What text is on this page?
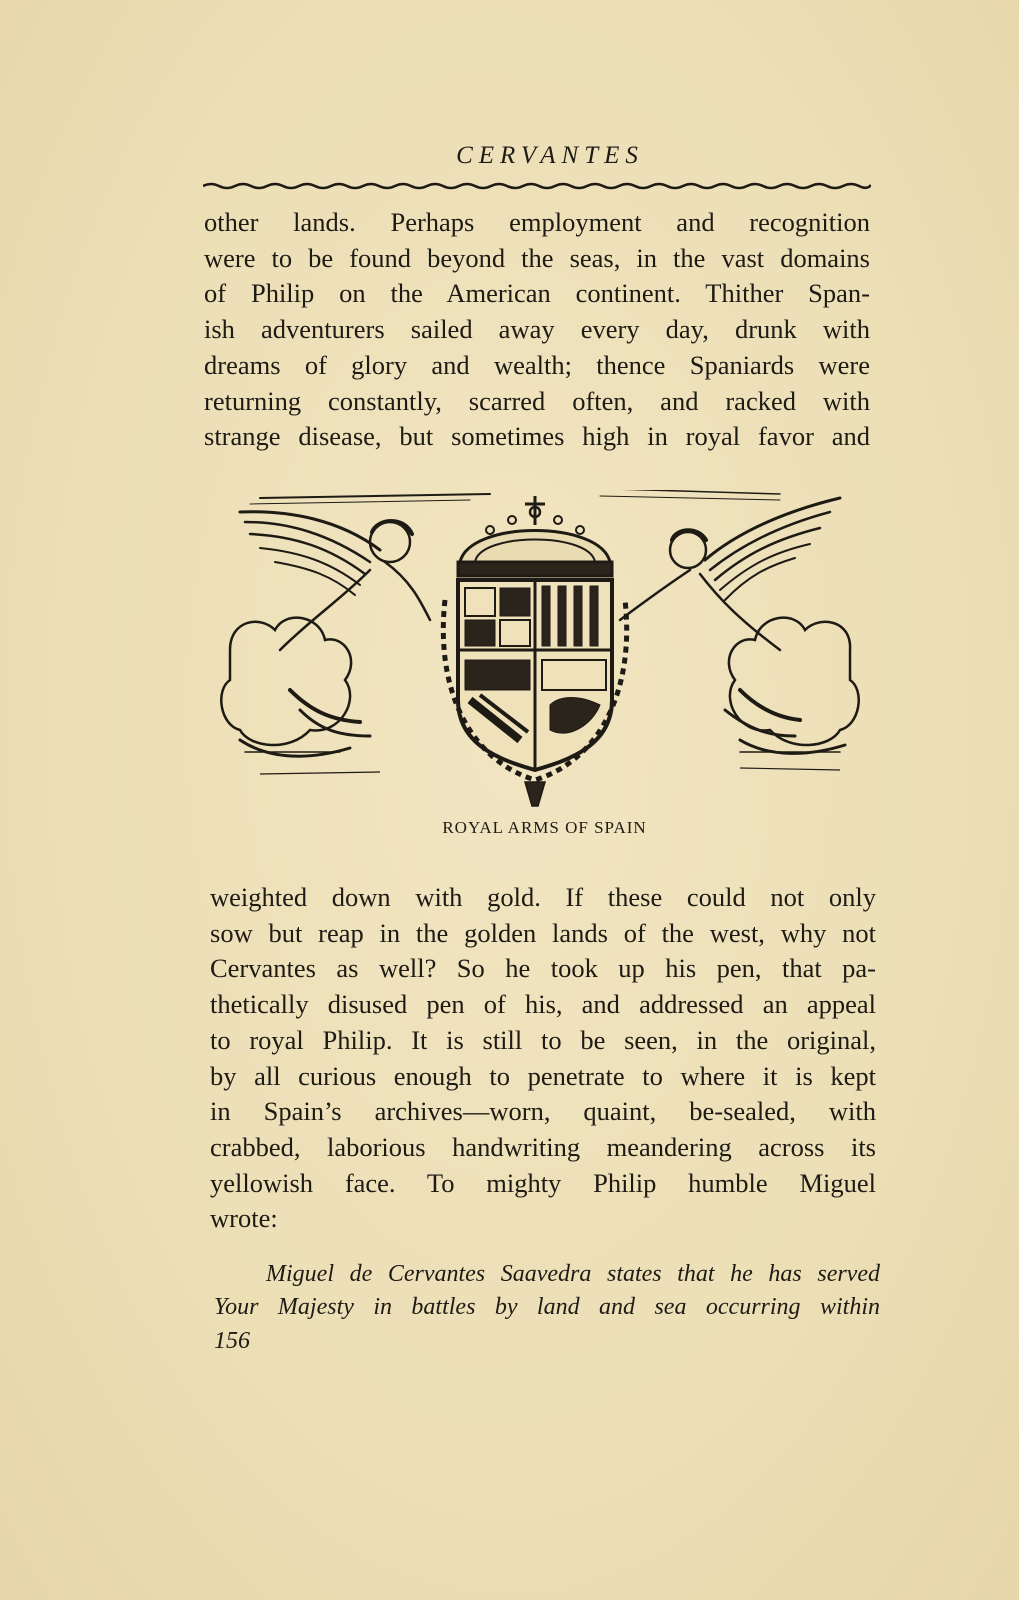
CERVANTES
other lands. Perhaps employment and recognition
were to be found beyond the seas, in the vast domains
of Philip on the American continent. Thither Span-
ish adventurers sailed away every day, drunk with
dreams of glory and wealth; thence Spaniards were
returning constantly, scarred often, and racked with
strange disease, but sometimes high in royal favor and
ROYAL ARMS OF SPAIN
weighted down with gold. If these could not only
sow but reap in the golden lands of the west, why not
Cervantes as well? So he took up his pen, that pa-
thetically disused pen of his, and addressed an appeal
to royal Philip. It is still to be seen, in the original,
by all curious enough to penetrate to where it is kept
in Spain’s archives—worn, quaint, be-sealed, with
crabbed, laborious handwriting meandering across its
yellowish face. To mighty Philip humble Miguel
wrote:
Miguel de Cervantes Saavedra states that he has served
Your Majesty in battles by land and sea occurring within
156
